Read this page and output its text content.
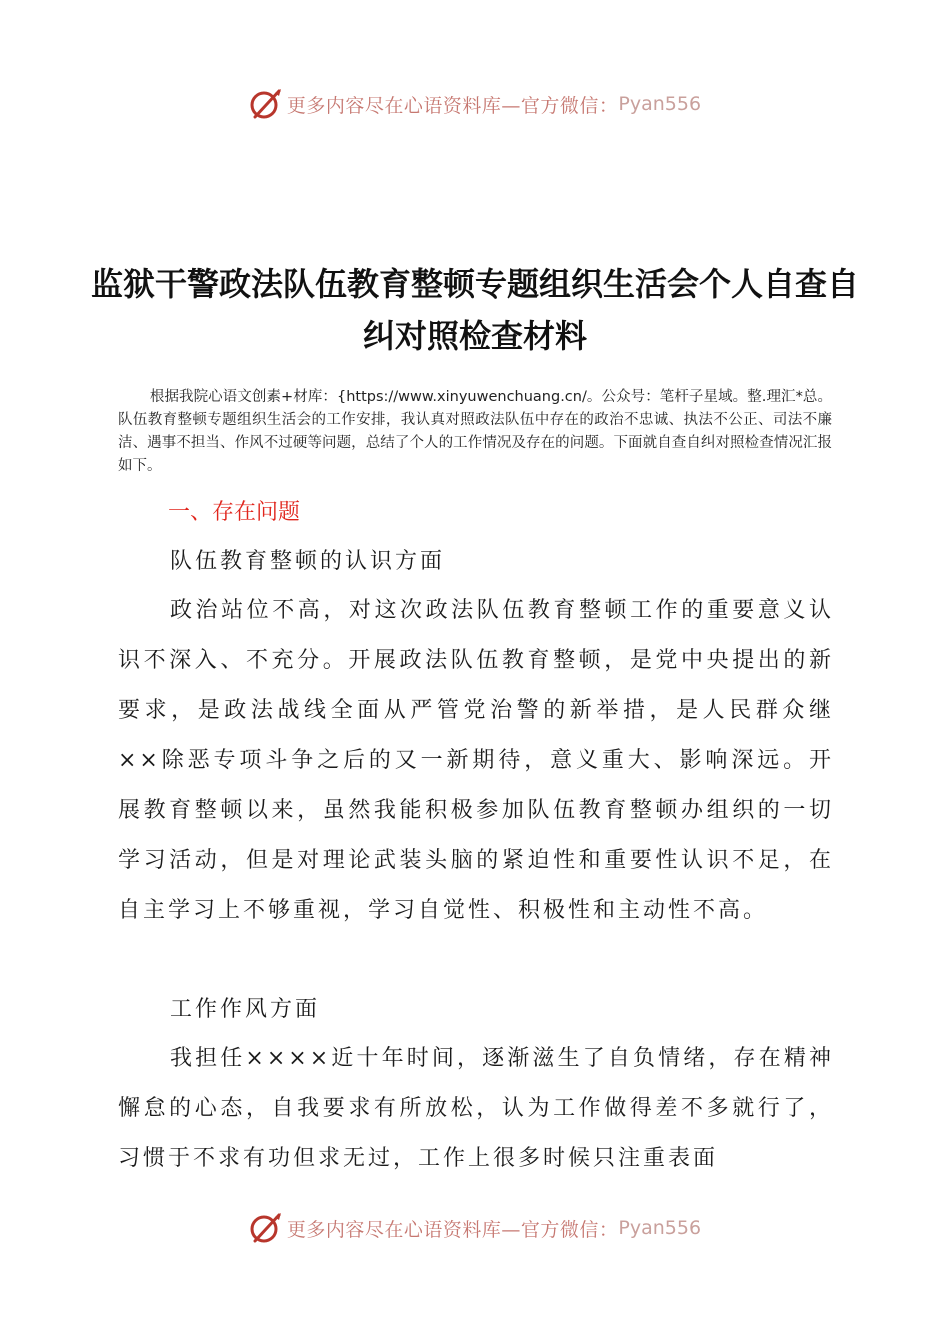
更多内容尽在心语资料库—官方微信： Pyan556
监狱干警政法队伍教育整顿专题组织生活会个人自查自纠对照检查材料
根据我院心语文创素+材库：{https://www.xinyuwenchuang.cn/。公众号：笔杆子星域。整.理汇*总。队伍教育整顿专题组织生活会的工作安排，我认真对照政法队伍中存在的政治不忠诚、执法不公正、司法不廉洁、遇事不担当、作风不过硬等问题，总结了个人的工作情况及存在的问题。下面就自查自纠对照检查情况汇报如下。
一、存在问题
队伍教育整顿的认识方面
政治站位不高，对这次政法队伍教育整顿工作的重要意义认识不深入、不充分。开展政法队伍教育整顿，是党中央提出的新要求，是政法战线全面从严管党治警的新举措，是人民群众继××除恶专项斗争之后的又一新期待，意义重大、影响深远。开展教育整顿以来，虽然我能积极参加队伍教育整顿办组织的一切学习活动，但是对理论武装头脑的紧迫性和重要性认识不足，在自主学习上不够重视，学习自觉性、积极性和主动性不高。
工作作风方面
我担任××××近十年时间，逐渐滋生了自负情绪，存在精神懈怠的心态，自我要求有所放松，认为工作做得差不多就行了，习惯于不求有功但求无过，工作上很多时候只注重表面
更多内容尽在心语资料库—官方微信： Pyan556
